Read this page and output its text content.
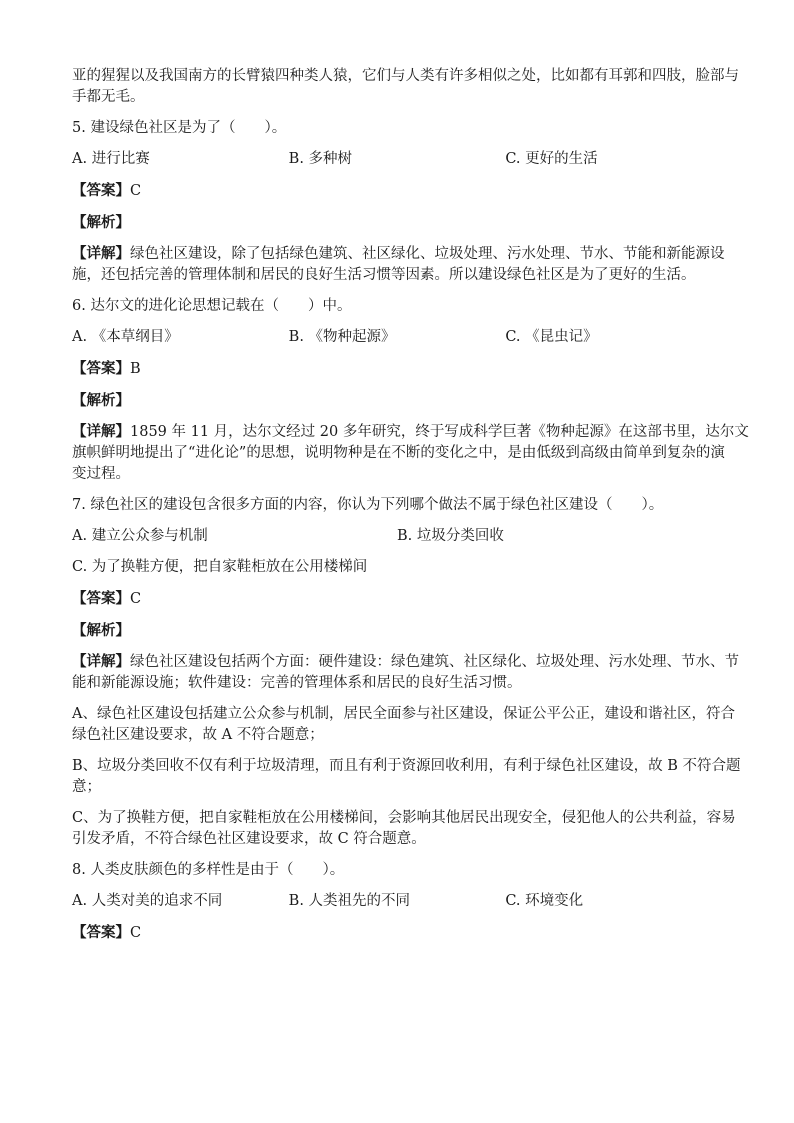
亚的猩猩以及我国南方的长臂猿四种类人猿，它们与人类有许多相似之处，比如都有耳郭和四肢，脸部与
手都无毛。
5. 建设绿色社区是为了（　　）。
A. 进行比赛	B. 多种树	C. 更好的生活
【答案】C
【解析】
【详解】绿色社区建设，除了包括绿色建筑、社区绿化、垃圾处理、污水处理、节水、节能和新能源设
施，还包括完善的管理体制和居民的良好生活习惯等因素。所以建设绿色社区是为了更好的生活。
6. 达尔文的进化论思想记载在（　　）中。
A. 《本草纲目》	B. 《物种起源》	C. 《昆虫记》
【答案】B
【解析】
【详解】1859 年 11 月，达尔文经过 20 多年研究，终于写成科学巨著《物种起源》在这部书里，达尔文
旗帜鲜明地提出了“进化论”的思想，说明物种是在不断的变化之中，是由低级到高级由简单到复杂的演
变过程。
7. 绿色社区的建设包含很多方面的内容，你认为下列哪个做法不属于绿色社区建设（　　）。
A. 建立公众参与机制	B. 垃圾分类回收
C. 为了换鞋方便，把自家鞋柜放在公用楼梯间
【答案】C
【解析】
【详解】绿色社区建设包括两个方面：硬件建设：绿色建筑、社区绿化、垃圾处理、污水处理、节水、节
能和新能源设施；软件建设：完善的管理体系和居民的良好生活习惯。
A、绿色社区建设包括建立公众参与机制，居民全面参与社区建设，保证公平公正，建设和谐社区，符合
绿色社区建设要求，故 A 不符合题意；
B、垃圾分类回收不仅有利于垃圾清理，而且有利于资源回收利用，有利于绿色社区建设，故 B 不符合题
意；
C、为了换鞋方便，把自家鞋柜放在公用楼梯间，会影响其他居民出现安全，侵犯他人的公共利益，容易
引发矛盾，不符合绿色社区建设要求，故 C 符合题意。
8. 人类皮肤颜色的多样性是由于（　　）。
A. 人类对美的追求不同	B. 人类祖先的不同	C. 环境变化
【答案】C
